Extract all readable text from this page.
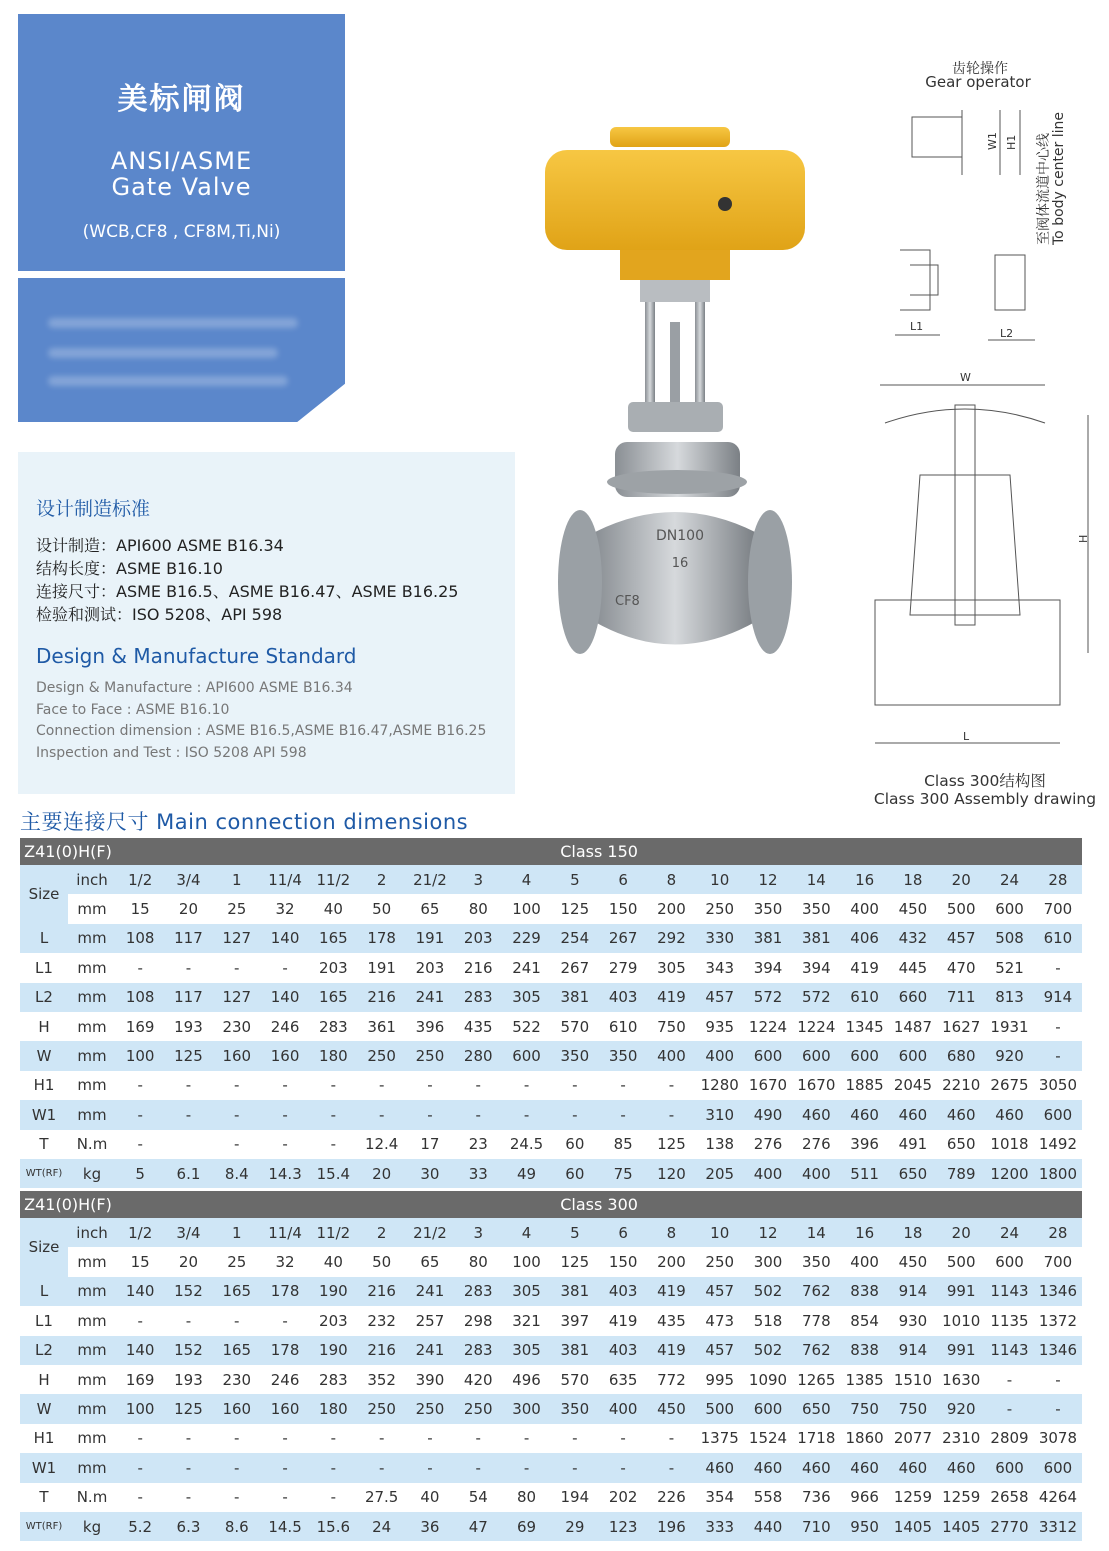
美标闸阀
ANSI/ASME
Gate Valve
(WCB,CF8 , CF8M,Ti,Ni)
设计制造标准
设计制造：API600 ASME B16.34
结构长度：ASME B16.10
连接尺寸：ASME B16.5、ASME B16.47、ASME B16.25
检验和测试：ISO 5208、API 598
Design & Manufacture Standard
Design & Manufacture : API600 ASME B16.34
Face to Face : ASME B16.10
Connection dimension : ASME B16.5,ASME B16.47,ASME B16.25
Inspection and Test : ISO 5208 API 598
DN100
16
CF8
齿轮操作
Gear operator
至阀体流道中心线 To body center line
W1 H1
L1
L2
W
H
L
Class 300结构图
Class 300 Assembly drawing
主要连接尺寸 Main connection dimensions
Z41(0)H(F)		Class 150																			
Size	inch	1/2	3/4	1	11/4	11/2	2	21/2	3	4	5	6	8	10	12	14	16	18	20	24	28
	mm	15	20	25	32	40	50	65	80	100	125	150	200	250	350	350	400	450	500	600	700
L	mm	108	117	127	140	165	178	191	203	229	254	267	292	330	381	381	406	432	457	508	610
L1	mm	-	-	-	-	203	191	203	216	241	267	279	305	343	394	394	419	445	470	521	-
L2	mm	108	117	127	140	165	216	241	283	305	381	403	419	457	572	572	610	660	711	813	914
H	mm	169	193	230	246	283	361	396	435	522	570	610	750	935	1224	1224	1345	1487	1627	1931	-
W	mm	100	125	160	160	180	250	250	280	600	350	350	400	400	600	600	600	600	680	920	-
H1	mm	-	-	-	-	-	-	-	-	-	-	-	-	1280	1670	1670	1885	2045	2210	2675	3050
W1	mm	-	-	-	-	-	-	-	-	-	-	-	-	310	490	460	460	460	460	460	600
T	N.m	-		-	-	-	12.4	17	23	24.5	60	85	125	138	276	276	396	491	650	1018	1492
WT(RF)	kg	5	6.1	8.4	14.3	15.4	20	30	33	49	60	75	120	205	400	400	511	650	789	1200	1800
Z41(0)H(F)		Class 300																			
Size	inch	1/2	3/4	1	11/4	11/2	2	21/2	3	4	5	6	8	10	12	14	16	18	20	24	28
	mm	15	20	25	32	40	50	65	80	100	125	150	200	250	300	350	400	450	500	600	700
L	mm	140	152	165	178	190	216	241	283	305	381	403	419	457	502	762	838	914	991	1143	1346
L1	mm	-	-	-	-	203	232	257	298	321	397	419	435	473	518	778	854	930	1010	1135	1372
L2	mm	140	152	165	178	190	216	241	283	305	381	403	419	457	502	762	838	914	991	1143	1346
H	mm	169	193	230	246	283	352	390	420	496	570	635	772	995	1090	1265	1385	1510	1630	-	-
W	mm	100	125	160	160	180	250	250	250	300	350	400	450	500	600	650	750	750	920	-	-
H1	mm	-	-	-	-	-	-	-	-	-	-	-	-	1375	1524	1718	1860	2077	2310	2809	3078
W1	mm	-	-	-	-	-	-	-	-	-	-	-	-	460	460	460	460	460	460	600	600
T	N.m	-	-	-	-	-	27.5	40	54	80	194	202	226	354	558	736	966	1259	1259	2658	4264
WT(RF)	kg	5.2	6.3	8.6	14.5	15.6	24	36	47	69	29	123	196	333	440	710	950	1405	1405	2770	3312
